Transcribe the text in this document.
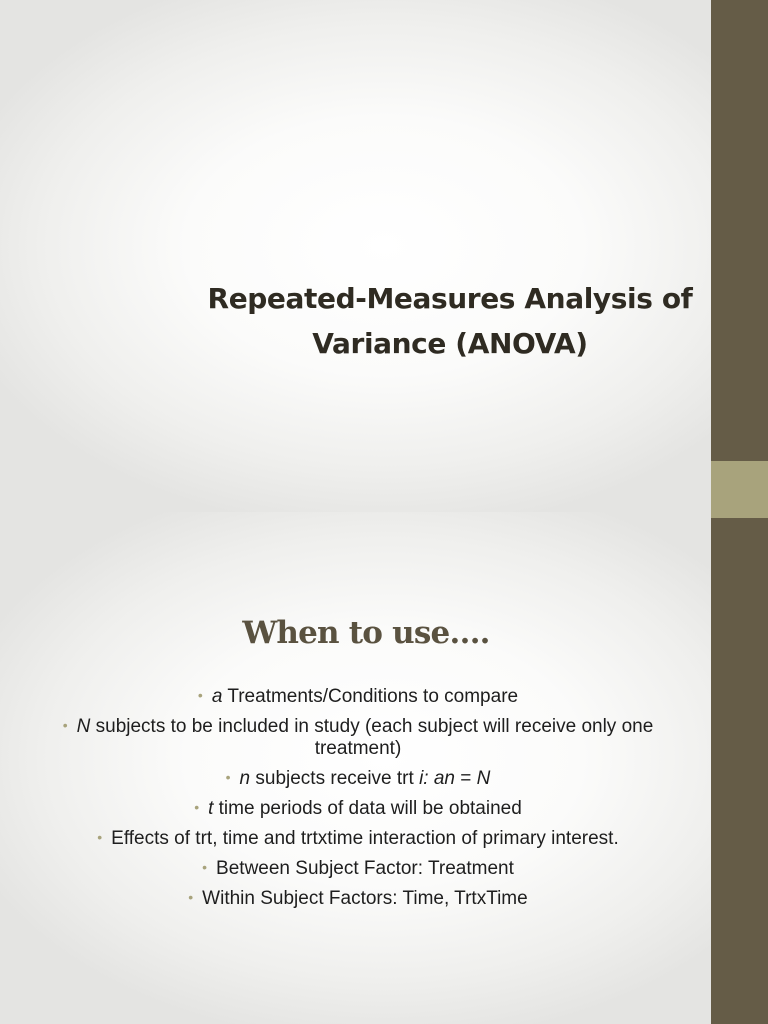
Repeated-Measures Analysis of
Variance (ANOVA)
When to use….
• a Treatments/Conditions to compare
• N subjects to be included in study (each subject will receive only one treatment)
• n subjects receive trt i: an = N
• t time periods of data will be obtained
• Effects of trt, time and trtxtime interaction of primary interest.
• Between Subject Factor: Treatment
• Within Subject Factors: Time, TrtxTime
